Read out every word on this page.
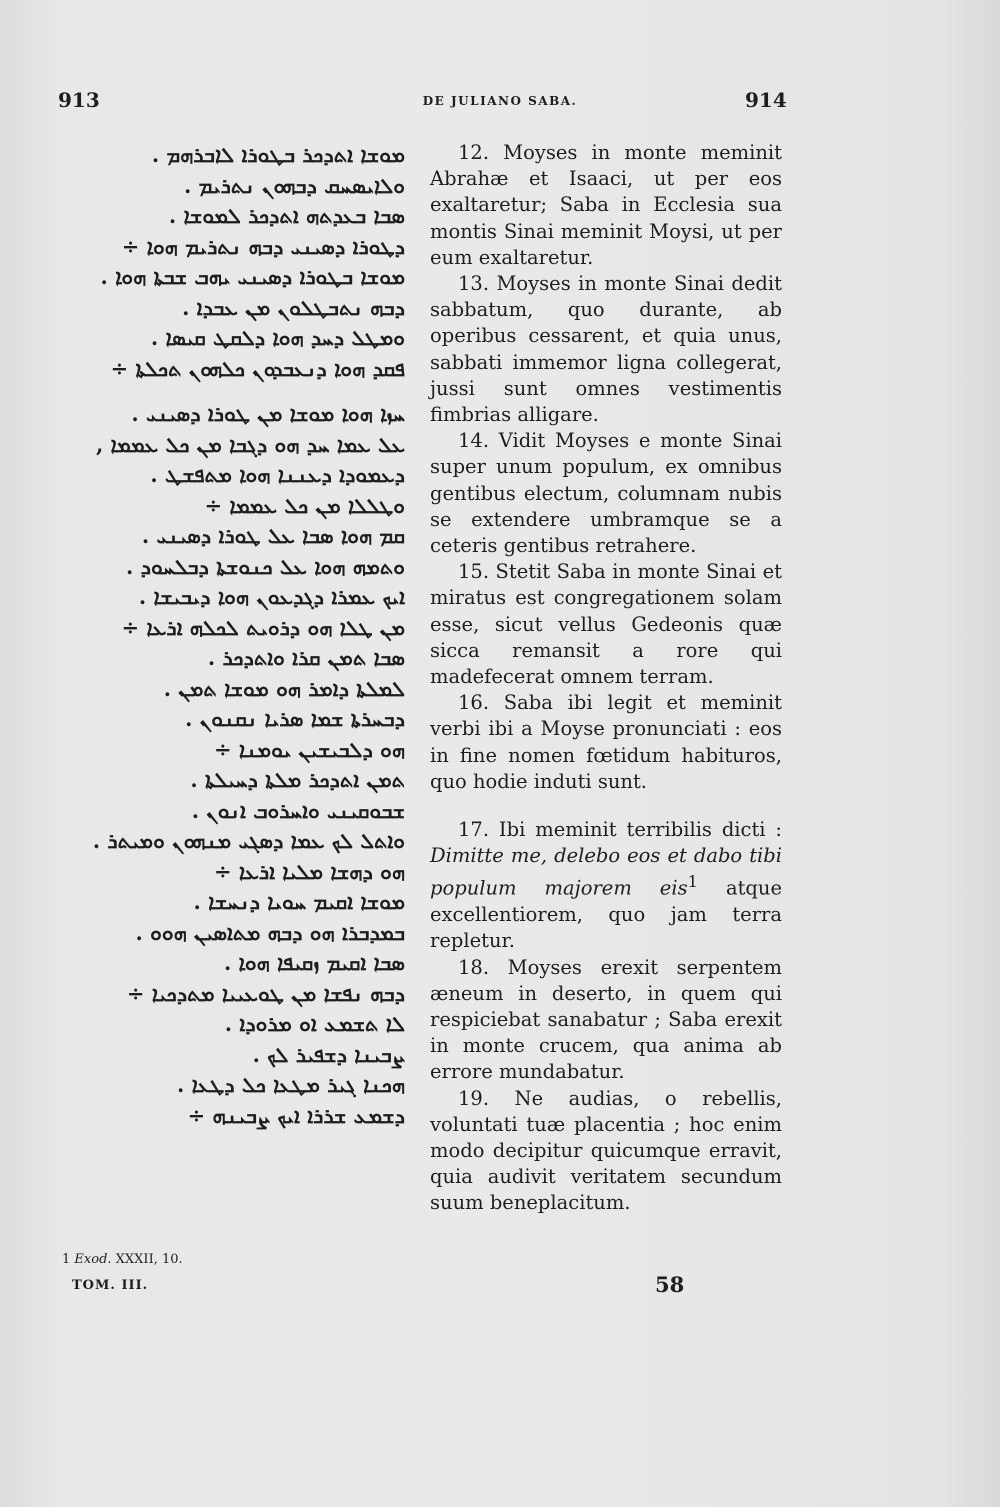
913	DE JULIANO SABA.	914
ܡܘܫܐ ܐܬܕܟܪ ܒܛܘܪܐ ܠܐܒܪܗܡ .
ܘܠܐܝܣܚܩ ܕܒܗܘܢ ܢܬܪܝܡ .
ܣܒܐ ܒܥܕܬܗ ܐܬܕܟܪ ܠܡܘܫܐ .
ܕܛܘܪܐ ܕܣܝܢܝ ܕܒܗ ܢܬܪܝܡ ܗܘܐ ÷
ܡܘܫܐ ܒܛܘܪܐ ܕܣܝܢܝ ܝܗܒ ܫܒܬܐ ܗܘܐ .
ܕܒܗ ܢܬܒܛܠܘܢ ܡܢ ܥܒܕܐ .
ܘܡܛܠ ܕܚܕ ܗܘܐ ܕܠܩܛ ܩܝܣܐ .
ܦܩܕ ܗܘܐ ܕܢܥܒܕܘܢ ܟܠܗܘܢ ܬܟܠܬܐ ÷
ܚܙܐ ܗܘܐ ܡܘܫܐ ܡܢ ܛܘܪܐ ܕܣܝܢܝ .
ܥܠ ܥܡܐ ܚܕ ܗܘ ܕܓܒܐ ܡܢ ܟܠ ܥܡܡܐ ,
ܕܥܡܘܕܐ ܕܥܢܢܐ ܗܘܐ ܡܬܦܫܛ .
ܘܛܠܠܐ ܡܢ ܟܠ ܥܡܡܐ ÷
ܩܡ ܗܘܐ ܣܒܐ ܥܠ ܛܘܪܐ ܕܣܝܢܝ .
ܘܬܡܗ ܗܘܐ ܥܠ ܟܢܘܫܬܐ ܕܒܠܚܘܕ .
ܐܝܟ ܥܡܪܐ ܕܓܕܥܘܢ ܗܘܐ ܕܝܒܝܫܐ .
ܡܢ ܛܠܐ ܗܘ ܕܪܘܝܬ ܠܟܠܗ ܐܪܥܐ ÷
ܣܒܐ ܬܡܢ ܩܪܐ ܘܐܬܕܟܪ .
ܠܡܠܬܐ ܕܐܡܪ ܗܘ ܡܘܫܐ ܬܡܢ .
ܕܒܚܪܬܐ ܫܡܐ ܣܪܝܐ ܢܩܢܘܢ .
ܗܘ ܕܠܒܝܫܝܢ ܝܘܡܢܐ ÷
ܬܡܢ ܐܬܕܟܪ ܡܠܬܐ ܕܚܝܠܬܐ .
ܫܒܘܩܝܢܝ ܘܐܚܪܘܒ ܐܢܘܢ .
ܘܐܬܠ ܠܟ ܥܡܐ ܕܣܓܝ ܡܢܗܘܢ ܘܡܝܬܪ .
ܗܘ ܕܗܫܐ ܡܠܝܐ ܐܪܥܐ ÷
ܡܘܫܐ ܐܩܝܡ ܚܘܝܐ ܕܢܚܫܐ .
ܒܡܕܒܪܐ ܗܘ ܕܒܗ ܡܬܐܣܝܢ ܗܘܘ .
ܣܒܐ ܐܩܝܡ ܙܩܝܦܐ ܗܘܐ .
ܕܒܗ ܢܦܫܐ ܡܢ ܛܘܥܝܝܐ ܡܬܕܟܝܐ ÷
ܠܐ ܬܫܡܥ ܐܘ ܡܪܘܕܐ .
ܨܒܝܢܐ ܕܫܦܝܪ ܠܟ .
ܗܟܢܐ ܓܝܪ ܡܛܥܐ ܟܠ ܕܛܥܐ .
ܕܫܡܥ ܫܪܪܐ ܐܝܟ ܨܒܝܢܗ ÷

12. Moyses in monte meminit Abrahæ et Isaaci, ut per eos exaltaretur; Saba in Ecclesia sua montis Sinai meminit Moysi, ut per eum exaltaretur.

13. Moyses in monte Sinai dedit sabbatum, quo durante, ab operibus cessarent, et quia unus, sabbati immemor ligna collegerat, jussi sunt omnes vestimentis fimbrias alligare.

14. Vidit Moyses e monte Sinai super unum populum, ex omnibus gentibus electum, columnam nubis se extendere umbramque se a ceteris gentibus retrahere.

15. Stetit Saba in monte Sinai et miratus est congregationem solam esse, sicut vellus Gedeonis quæ sicca remansit a rore qui madefecerat omnem terram.

16. Saba ibi legit et meminit verbi ibi a Moyse pronunciati : eos in fine nomen fœtidum habituros, quo hodie induti sunt.

17. Ibi meminit terribilis dicti : Dimitte me, delebo eos et dabo tibi populum majorem eis$^1$ atque excellentiorem, quo jam terra repletur.

18. Moyses erexit serpentem æneum in deserto, in quem qui respiciebat sanabatur ; Saba erexit in monte crucem, qua anima ab errore mundabatur.

19. Ne audias, o rebellis, voluntati tuæ placentia ; hoc enim modo decipitur quicumque erravit, quia audivit veritatem secundum suum beneplacitum.

1 Exod. XXXII, 10.
TOM. III.	58
